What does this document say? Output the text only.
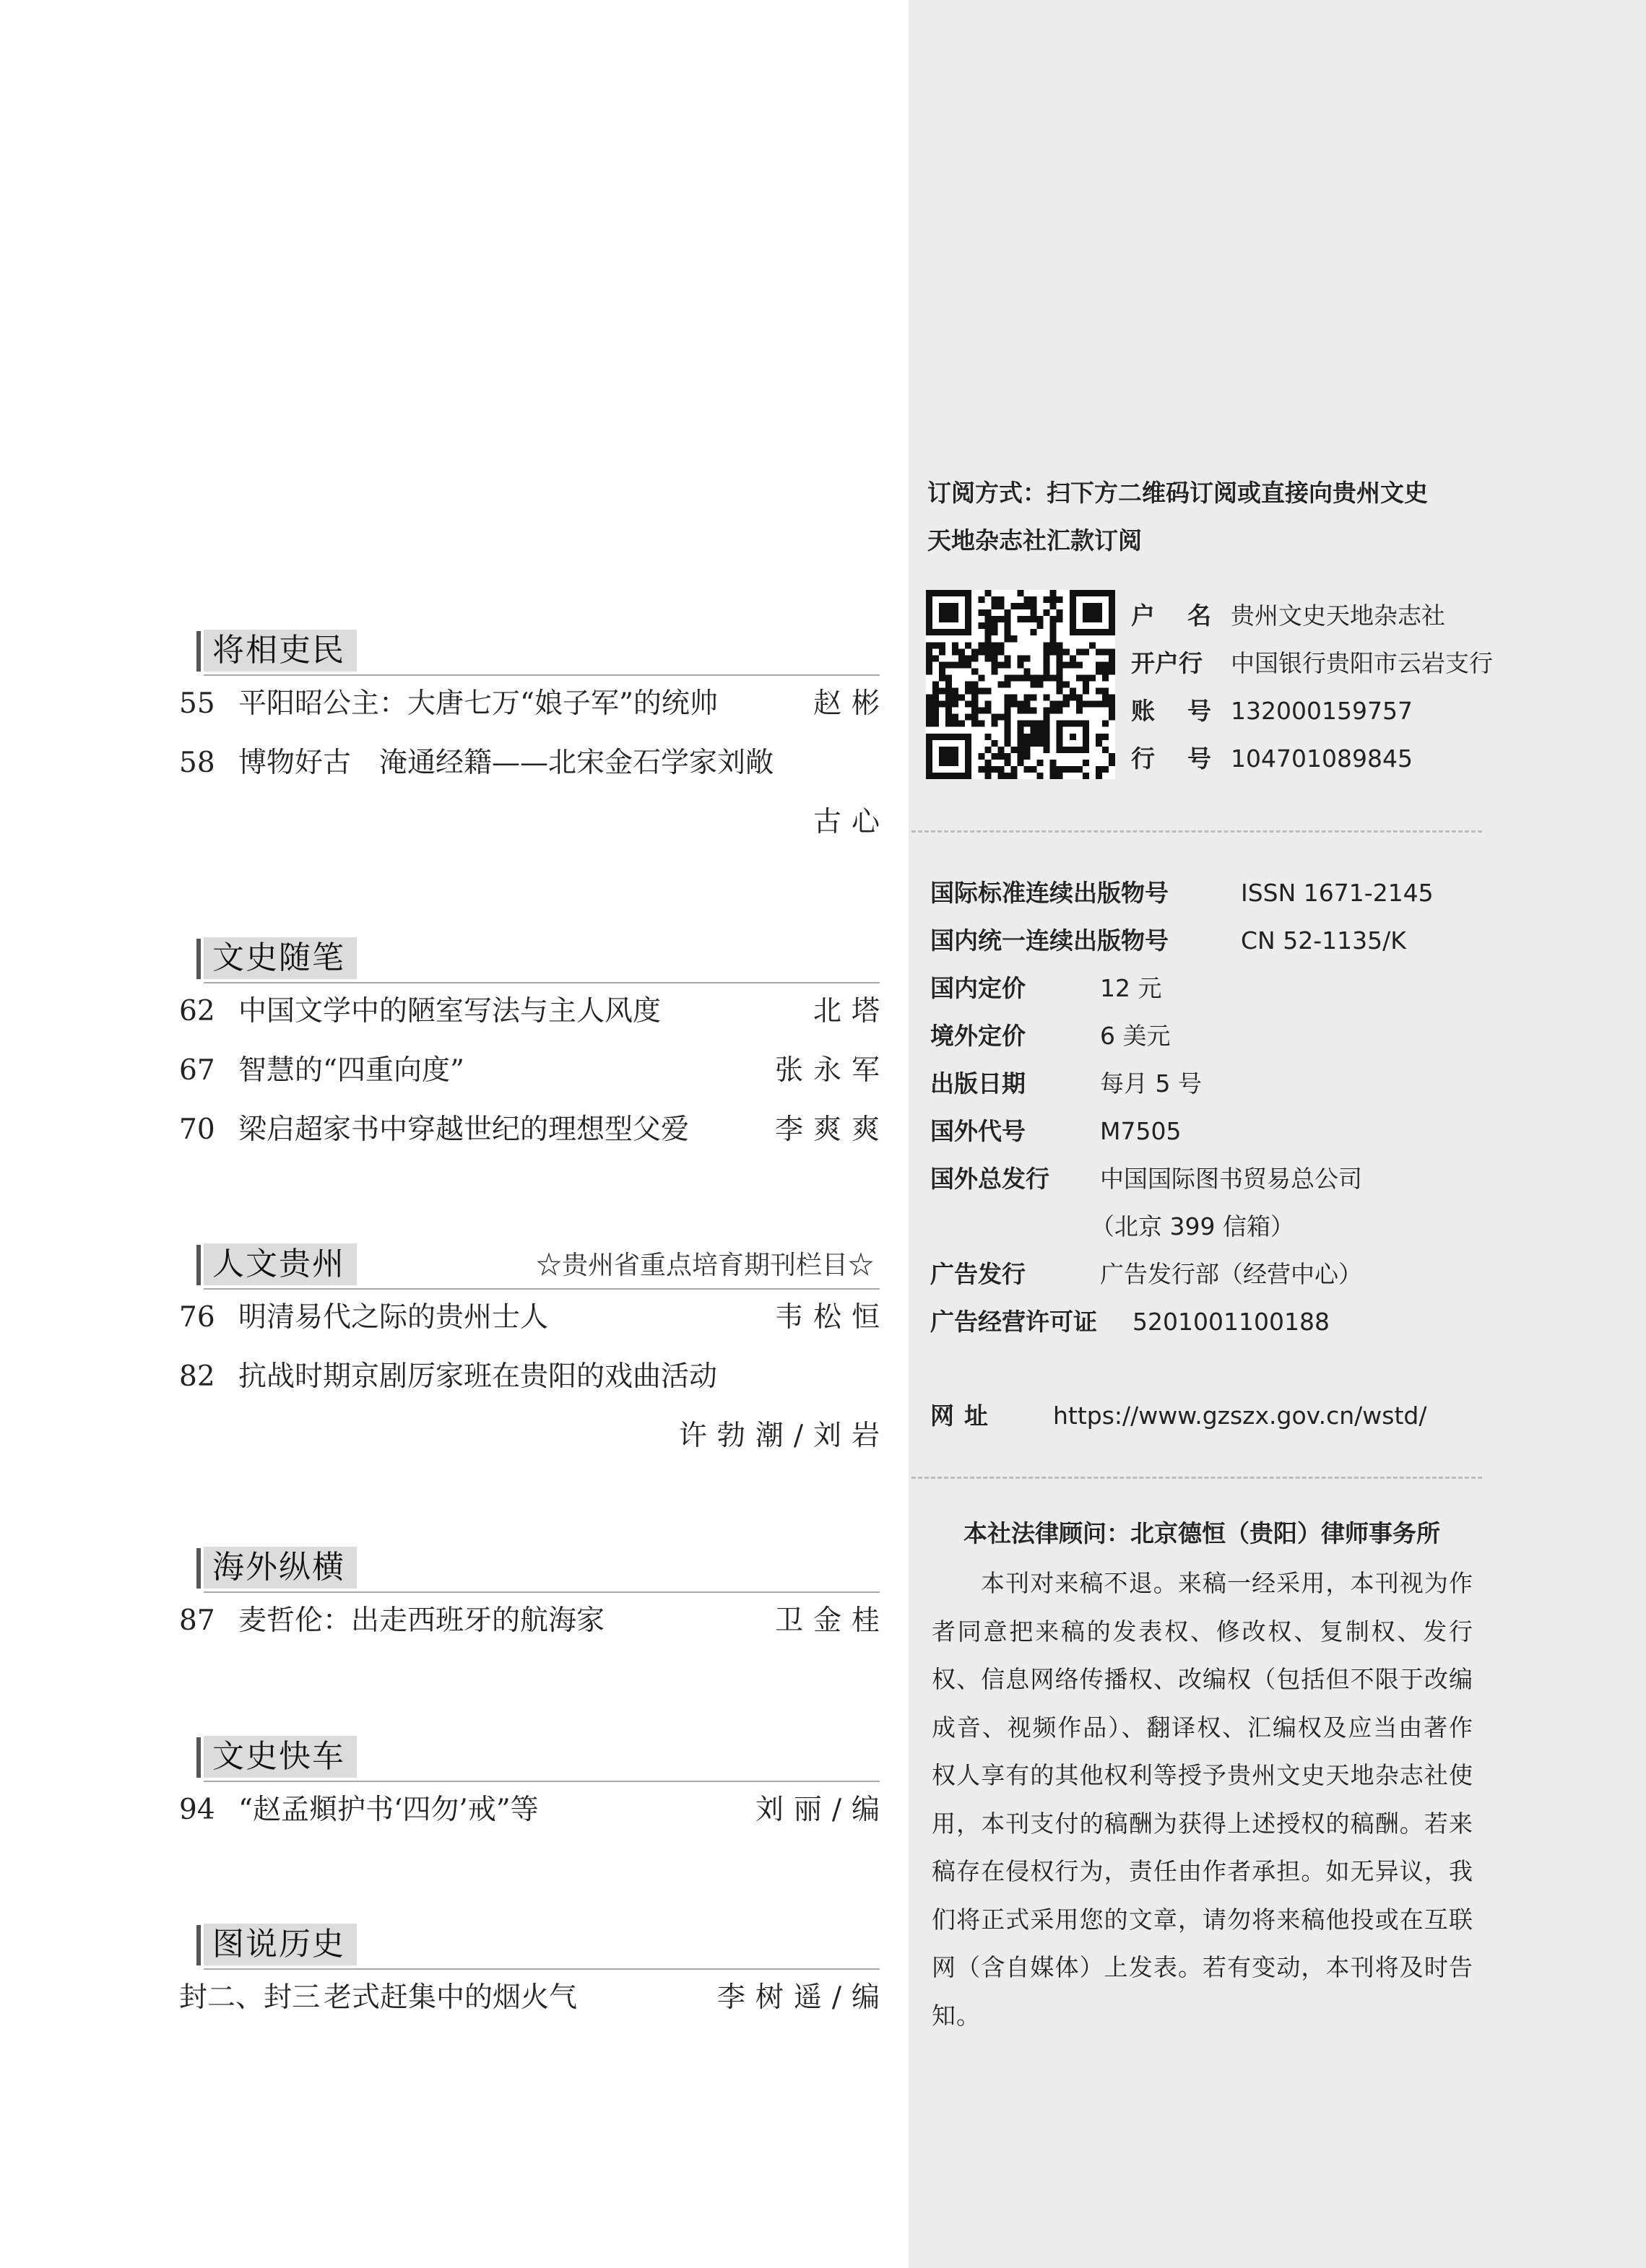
将相吏民
55 平阳昭公主：大唐七万“娘子军”的统帅	赵彬
58 博物好古　淹通经籍——北宋金石学家刘敞
古心
文史随笔
62 中国文学中的陋室写法与主人风度	北塔
67 智慧的“四重向度”	张永军
70 梁启超家书中穿越世纪的理想型父爱	李爽爽
人文贵州	☆贵州省重点培育期刊栏目☆
76 明清易代之际的贵州士人	韦松恒
82 抗战时期京剧厉家班在贵阳的戏曲活动
许勃潮/刘岩
海外纵横
87 麦哲伦：出走西班牙的航海家	卫金桂
文史快车
94 “赵孟頫护书‘四勿’戒”等	刘丽/编
图说历史
封二、封三 老式赶集中的烟火气	李树遥/编
订阅方式：扫下方二维码订阅或直接向贵州文史
天地杂志社汇款订阅
户　名 贵州文史天地杂志社
开户行 中国银行贵阳市云岩支行
账　号 132000159757
行　号 104701089845
国际标准连续出版物号	ISSN 1671-2145
国内统一连续出版物号	CN 52-1135/K
国内定价	12 元
境外定价	6 美元
出版日期	每月 5 号
国外代号	M7505
国外总发行 中国国际图书贸易总公司
（北京 399 信箱）
广告发行	广告发行部（经营中心）
广告经营许可证 5201001100188
网址 https://www.gzszx.gov.cn/wstd/
本社法律顾问：北京德恒（贵阳）律师事务所
本刊对来稿不退。来稿一经采用，本刊视为作者同意把来稿的发表权、修改权、复制权、发行权、信息网络传播权、改编权（包括但不限于改编成音、视频作品）、翻译权、汇编权及应当由著作权人享有的其他权利等授予贵州文史天地杂志社使用，本刊支付的稿酬为获得上述授权的稿酬。若来稿存在侵权行为，责任由作者承担。如无异议，我们将正式采用您的文章，请勿将来稿他投或在互联网（含自媒体）上发表。若有变动，本刊将及时告知。
